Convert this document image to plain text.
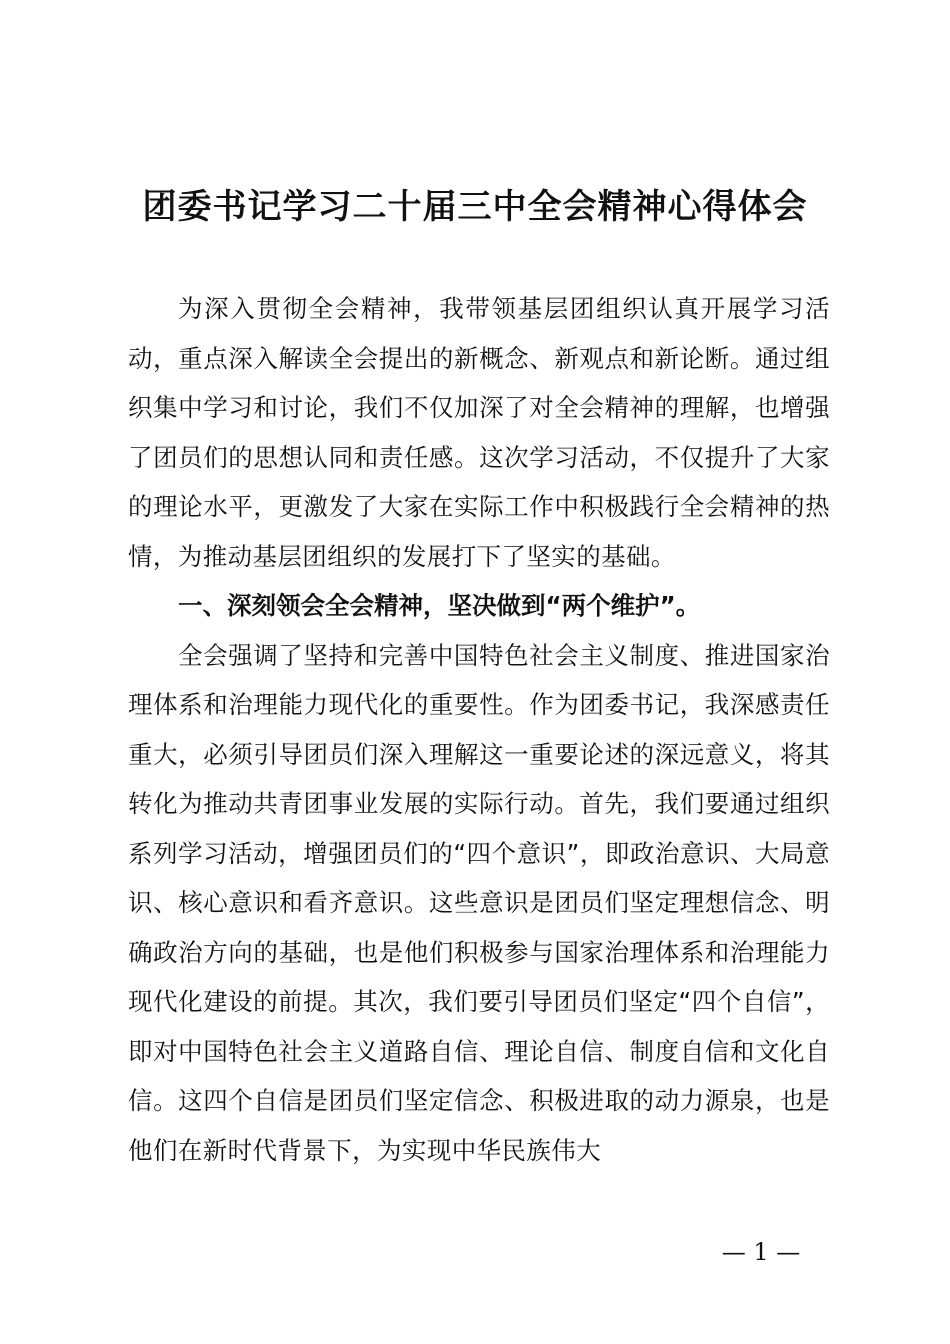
团委书记学习二十届三中全会精神心得体会

为深入贯彻全会精神，我带领基层团组织认真开展学习活动，重点深入解读全会提出的新概念、新观点和新论断。通过组织集中学习和讨论，我们不仅加深了对全会精神的理解，也增强了团员们的思想认同和责任感。这次学习活动，不仅提升了大家的理论水平，更激发了大家在实际工作中积极践行全会精神的热情，为推动基层团组织的发展打下了坚实的基础。

一、深刻领会全会精神，坚决做到“两个维护”。

全会强调了坚持和完善中国特色社会主义制度、推进国家治理体系和治理能力现代化的重要性。作为团委书记，我深感责任重大，必须引导团员们深入理解这一重要论述的深远意义，将其转化为推动共青团事业发展的实际行动。首先，我们要通过组织系列学习活动，增强团员们的“四个意识”，即政治意识、大局意识、核心意识和看齐意识。这些意识是团员们坚定理想信念、明确政治方向的基础，也是他们积极参与国家治理体系和治理能力现代化建设的前提。其次，我们要引导团员们坚定“四个自信”，即对中国特色社会主义道路自信、理论自信、制度自信和文化自信。这四个自信是团员们坚定信念、积极进取的动力源泉，也是他们在新时代背景下，为实现中华民族伟大

— 1 —
